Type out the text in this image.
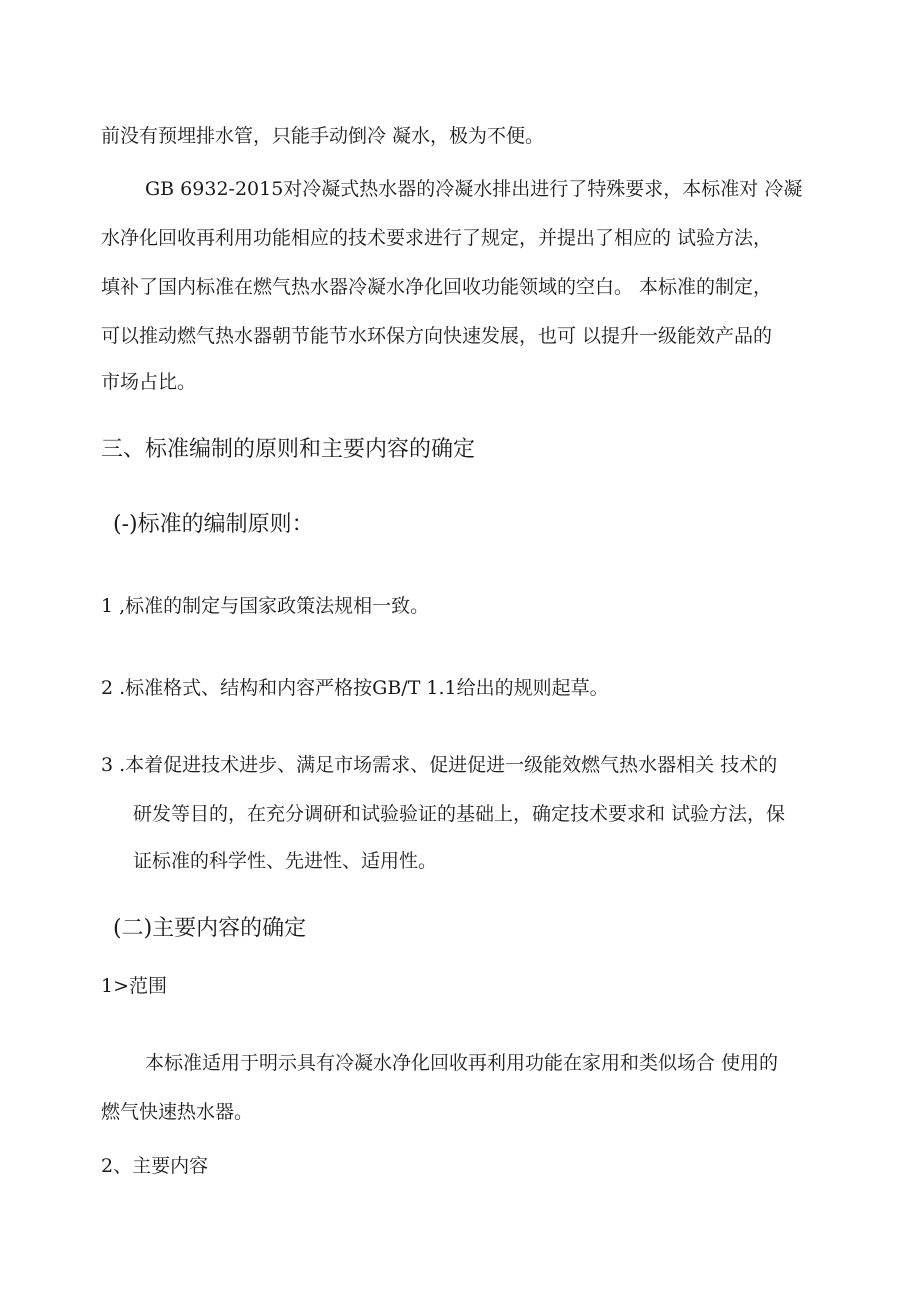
前没有预埋排水管，只能手动倒冷 凝水，极为不便。
GB 6932-2015对冷凝式热水器的冷凝水排出进行了特殊要求，本标准对 冷凝
水净化回收再利用功能相应的技术要求进行了规定，并提出了相应的 试验方法，
填补了国内标准在燃气热水器冷凝水净化回收功能领域的空白。 本标准的制定，
可以推动燃气热水器朝节能节水环保方向快速发展，也可 以提升一级能效产品的
市场占比。
三、标准编制的原则和主要内容的确定
(-)标准的编制原则：
1 ,标准的制定与国家政策法规相一致。
2 .标准格式、结构和内容严格按GB/T 1.1给出的规则起草。
3 .本着促进技术进步、满足市场需求、促进促进一级能效燃气热水器相关 技术的
研发等目的，在充分调研和试验验证的基础上，确定技术要求和 试验方法，保
证标准的科学性、先进性、适用性。
(二)主要内容的确定
1>范围
本标准适用于明示具有冷凝水净化回收再利用功能在家用和类似场合 使用的
燃气快速热水器。
2、主要内容
